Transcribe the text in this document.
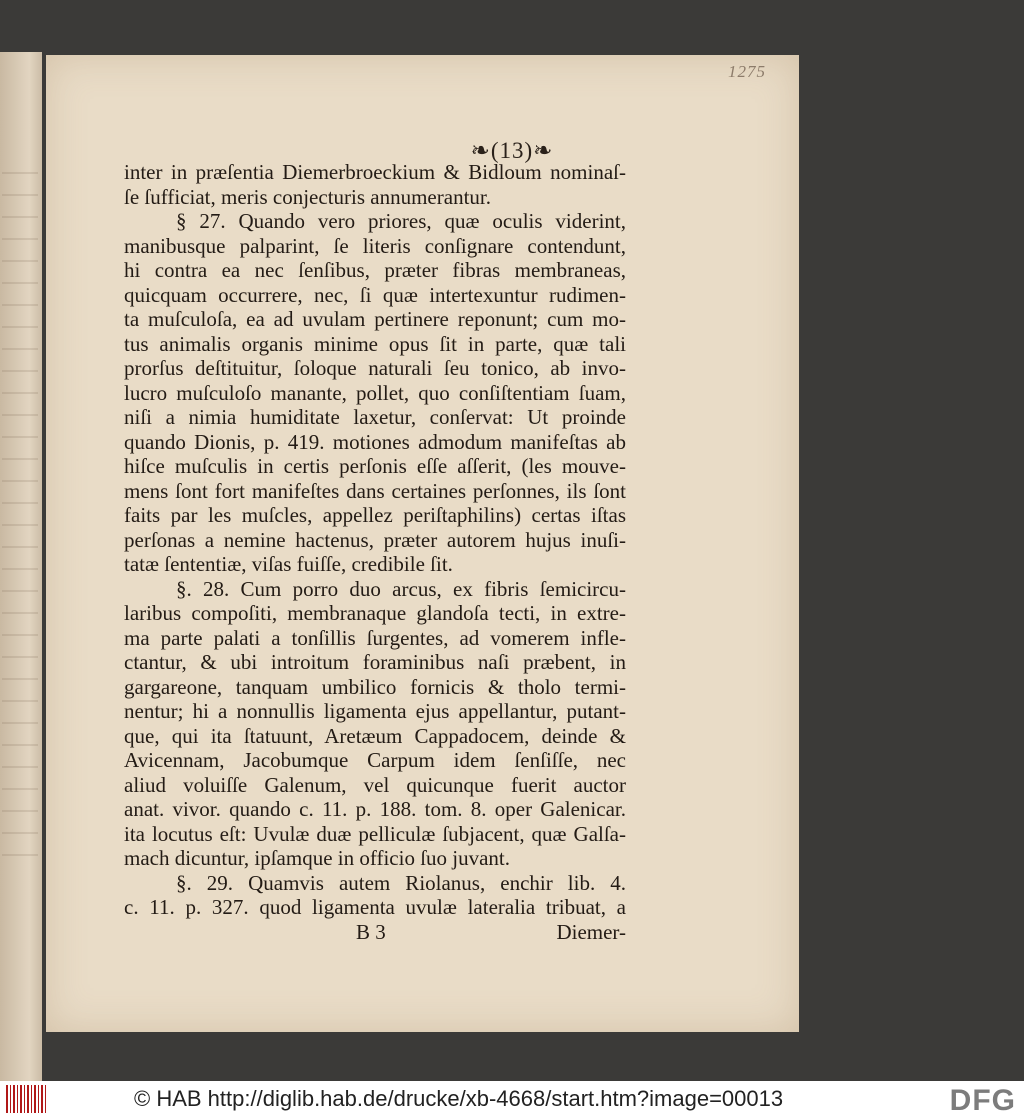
1275
❧(13)❧
inter in præſentia Diemerbroeckium & Bidloum nominaſ-
ſe ſufficiat, meris conjecturis annumerantur.
§ 27. Quando vero priores, quæ oculis viderint,
manibusque palparint, ſe literis conſignare contendunt,
hi contra ea nec ſenſibus, præter fibras membraneas,
quicquam occurrere, nec, ſi quæ intertexuntur rudimen-
ta muſculoſa, ea ad uvulam pertinere reponunt; cum mo-
tus animalis organis minime opus ſit in parte, quæ tali
prorſus deſtituitur, ſoloque naturali ſeu tonico, ab invo-
lucro muſculoſo manante, pollet, quo conſiſtentiam ſuam,
niſi a nimia humiditate laxetur, conſervat: Ut proinde
quando Dionis, p. 419. motiones admodum manifeſtas ab
hiſce muſculis in certis perſonis eſſe aſſerit, (les mouve-
mens ſont fort manifeſtes dans certaines perſonnes, ils ſont
faits par les muſcles, appellez periſtaphilins) certas iſtas
perſonas a nemine hactenus, præter autorem hujus inuſi-
tatæ ſententiæ, viſas fuiſſe, credibile ſit.
§. 28. Cum porro duo arcus, ex fibris ſemicircu-
laribus compoſiti, membranaque glandoſa tecti, in extre-
ma parte palati a tonſillis ſurgentes, ad vomerem infle-
ctantur, & ubi introitum foraminibus naſi præbent, in
gargareone, tanquam umbilico fornicis & tholo termi-
nentur; hi a nonnullis ligamenta ejus appellantur, putant-
que, qui ita ſtatuunt, Aretæum Cappadocem, deinde &
Avicennam, Jacobumque Carpum idem ſenſiſſe, nec
aliud voluiſſe Galenum, vel quicunque fuerit auctor
anat. vivor. quando c. 11. p. 188. tom. 8. oper Galenicar.
ita locutus eſt: Uvulæ duæ pelliculæ ſubjacent, quæ Galſa-
mach dicuntur, ipſamque in officio ſuo juvant.
§. 29. Quamvis autem Riolanus, enchir lib. 4.
c. 11. p. 327. quod ligamenta uvulæ lateralia tribuat, a
B 3	Diemer-
© HAB http://diglib.hab.de/drucke/xb-4668/start.htm?image=00013	DFG
